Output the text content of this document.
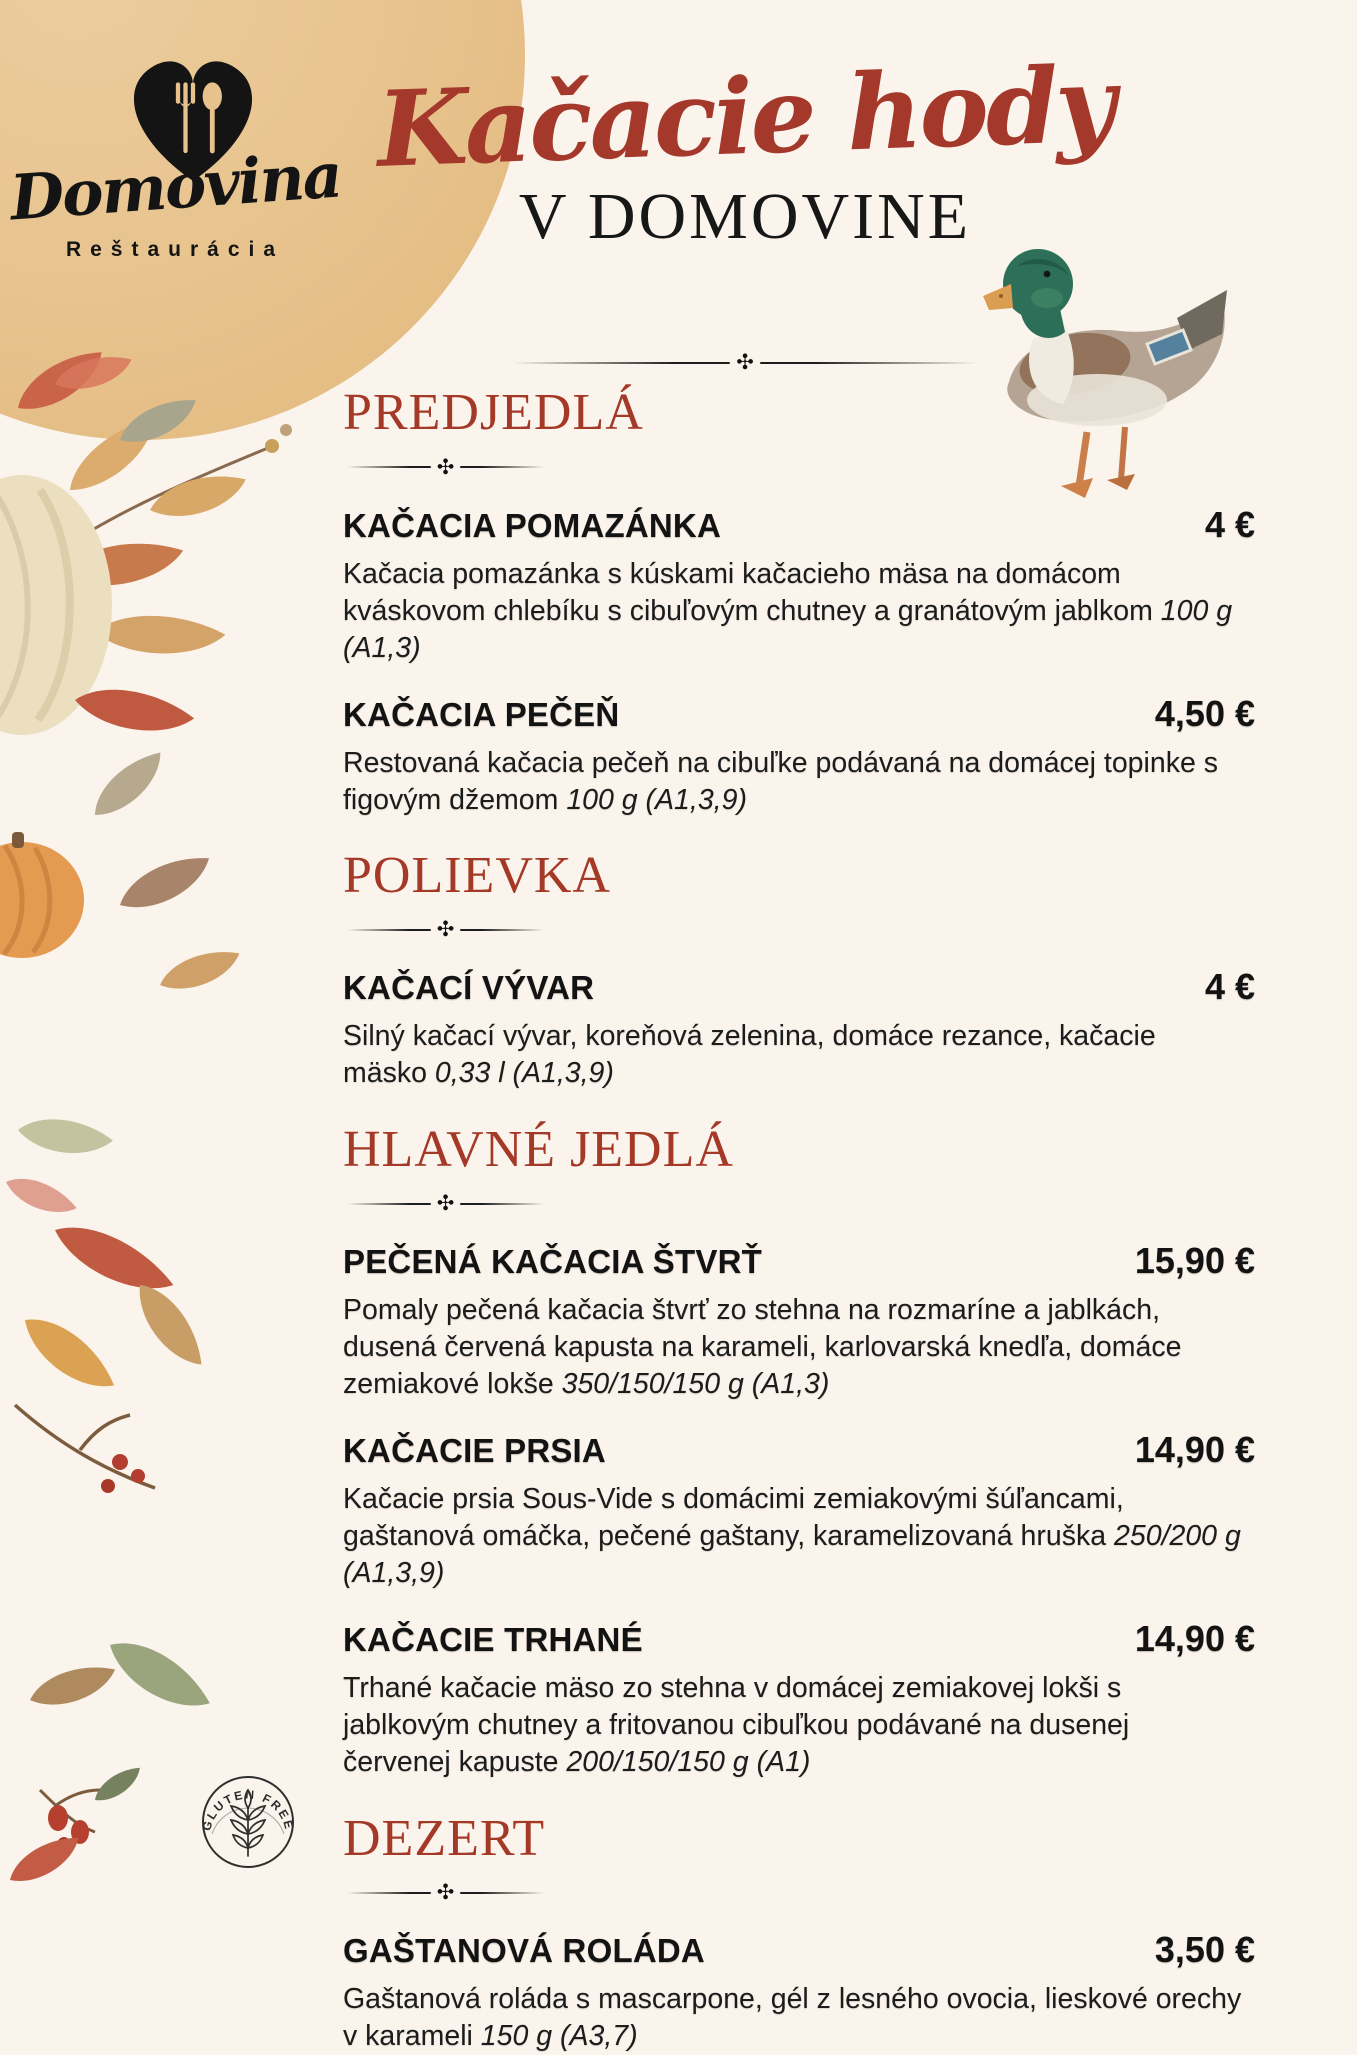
Domovina
Reštaurácia
Kačacie hody
V DOMOVINE
✣
PREDJEDLÁ
✣
KAČACIA POMAZÁNKA	4 €
Kačacia pomazánka s kúskami kačacieho mäsa na domácom kváskovom chlebíku s cibuľovým chutney a granátovým jablkom 100 g (A1,3)
KAČACIA PEČEŇ	4,50 €
Restovaná kačacia pečeň na cibuľke podávaná na domácej topinke s figovým džemom 100 g (A1,3,9)
POLIEVKA
✣
KAČACÍ VÝVAR	4 €
Silný kačací vývar, koreňová zelenina, domáce rezance, kačacie mäsko 0,33 l (A1,3,9)
HLAVNÉ JEDLÁ
✣
PEČENÁ KAČACIA ŠTVRŤ	15,90 €
Pomaly pečená kačacia štvrť zo stehna na rozmaríne a jablkách, dusená červená kapusta na karameli, karlovarská knedľa, domáce zemiakové lokše 350/150/150 g (A1,3)
KAČACIE PRSIA	14,90 €
Kačacie prsia Sous-Vide s domácimi zemiakovými šúľancami, gaštanová omáčka, pečené gaštany, karamelizovaná hruška 250/200 g (A1,3,9)
KAČACIE TRHANÉ	14,90 €
Trhané kačacie mäso zo stehna v domácej zemiakovej lokši s jablkovým chutney a fritovanou cibuľkou podávané na dusenej červenej kapuste 200/150/150 g (A1)
DEZERT
✣
GAŠTANOVÁ ROLÁDA	3,50 €
Gaštanová roláda s mascarpone, gél z lesného ovocia, lieskové orechy v karameli 150 g (A3,7)
GLUTEN FREE
